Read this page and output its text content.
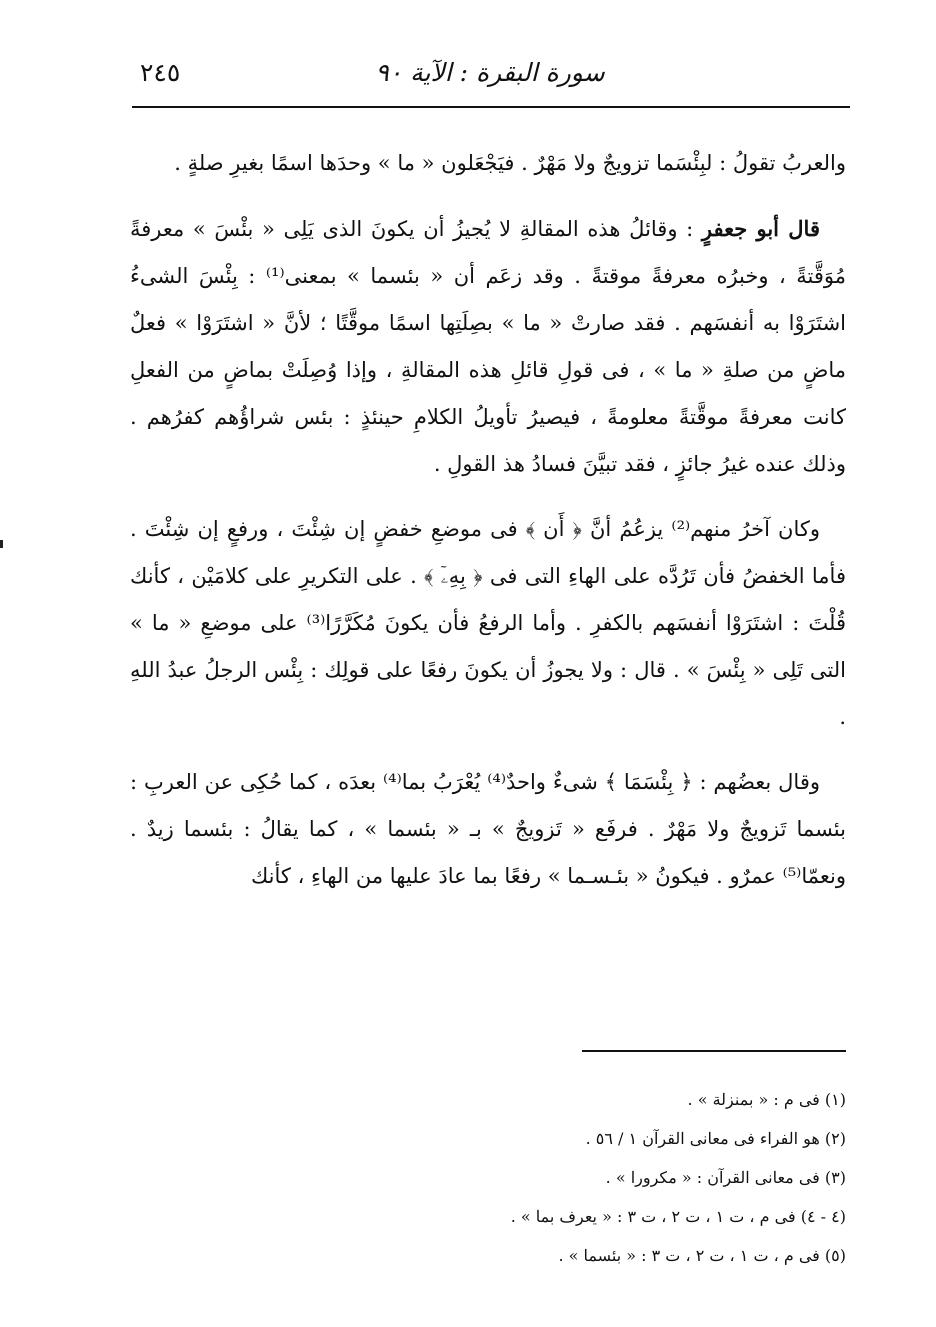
سورة البقرة : الآية ٩٠
٢٤٥

والعربُ تقولُ : لبِئْسَما تزويجٌ ولا مَهْرٌ . فيَجْعَلون « ما » وحدَها اسمًا بغيرِ صلةٍ .

قال أبو جعفرٍ : وقائلُ هذه المقالةِ لا يُجيزُ أن يكونَ الذى يَلِى « بئْسَ » معرفةً مُوَقَّتةً ، وخبرُه معرفةً موقتةً . وقد زعَم أن « بئسما » بمعنى⁽¹⁾ : بِئْسَ الشىءُ اشتَرَوْا به أنفسَهم . فقد صارتْ « ما » بصِلَتِها اسمًا موقَّتًا ؛ لأنَّ « اشتَرَوْا » فعلٌ ماضٍ من صلةِ « ما » ، فى قولِ قائلِ هذه المقالةِ ، وإذا وُصِلَتْ بماضٍ من الفعلِ كانت معرفةً موقَّتةً معلومةً ، فيصيرُ تأويلُ الكلامِ حينئذٍ : بئس شراؤُهم كفرُهم . وذلك عنده غيرُ جائزٍ ، فقد تبيَّنَ فسادُ هذ القولِ .

وكان آخرُ منهم⁽²⁾ يزعُمُ أنَّ ﴿ أَن ﴾ فى موضعِ خفضٍ إن شِئْتَ ، ورفعٍ إن شِئْتَ . فأما الخفضُ فأن تَرُدَّه على الهاءِ التى فى ﴿ بِهِۦٓ ﴾ . على التكريرِ على كلامَيْن ، كأنك قُلْتَ : اشتَرَوْا أنفسَهم بالكفرِ . وأما الرفعُ فأن يكونَ مُكَرَّرًا⁽³⁾ على موضعِ « ما » التى تَلِى « بِئْسَ » . قال : ولا يجوزُ أن يكونَ رفعًا على قولِك : بِئْس الرجلُ عبدُ اللهِ .

وقال بعضُهم : ﴿ بِئْسَمَا ﴾ شىءٌ واحدٌ⁽⁴⁾ يُعْرَبُ بما⁽⁴⁾ بعدَه ، كما حُكِى عن العربِ : بئسما تَزويجٌ ولا مَهْرٌ . فرفَع « تَزويجٌ » بـ « بئسما » ، كما يقالُ : بئسما زيدٌ . ونعمّا⁽⁵⁾ عمرٌو . فيكونُ « بئـسـما » رفعًا بما عادَ عليها من الهاءِ ، كأنك

(١) فى م : « بمنزلة » .
(٢) هو الفراء فى معانى القرآن ١ / ٥٦ .
(٣) فى معانى القرآن : « مكرورا » .
(٤ - ٤) فى م ، ت ١ ، ت ٢ ، ت ٣ : « يعرف بما » .
(٥) فى م ، ت ١ ، ت ٢ ، ت ٣ : « بئسما » .
